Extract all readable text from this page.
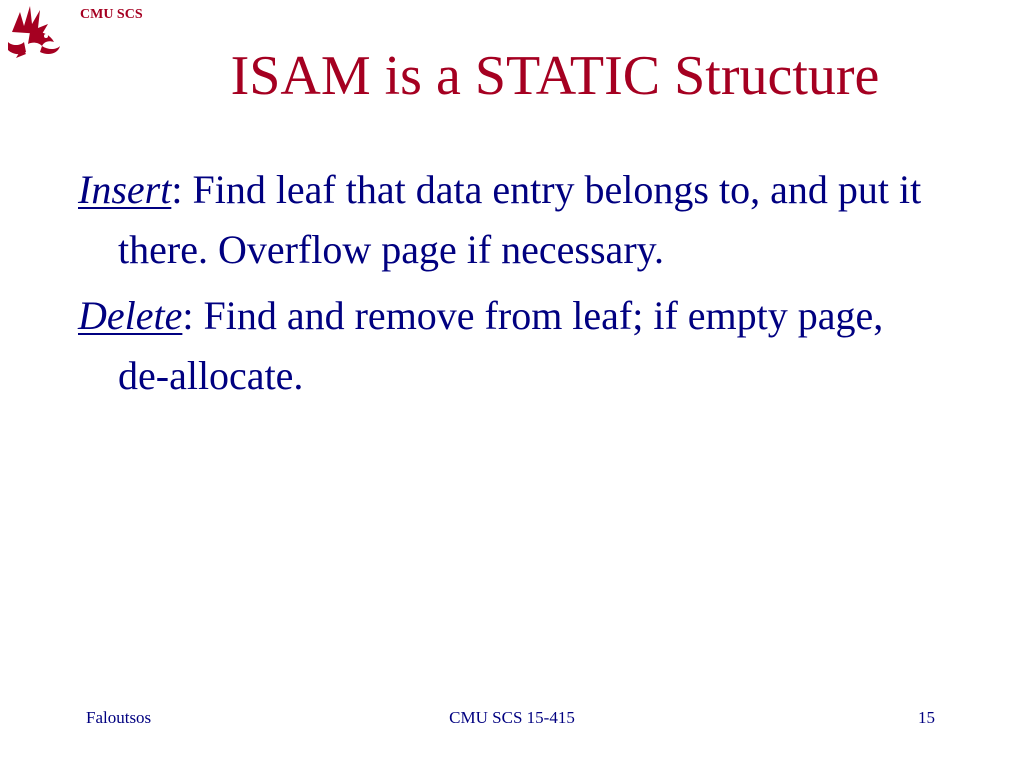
CMU SCS
ISAM is a STATIC Structure
Insert: Find leaf that data entry belongs to, and put it there. Overflow page if necessary.
Delete: Find and remove from leaf; if empty page, de-allocate.
Faloutsos	CMU SCS 15-415	15
